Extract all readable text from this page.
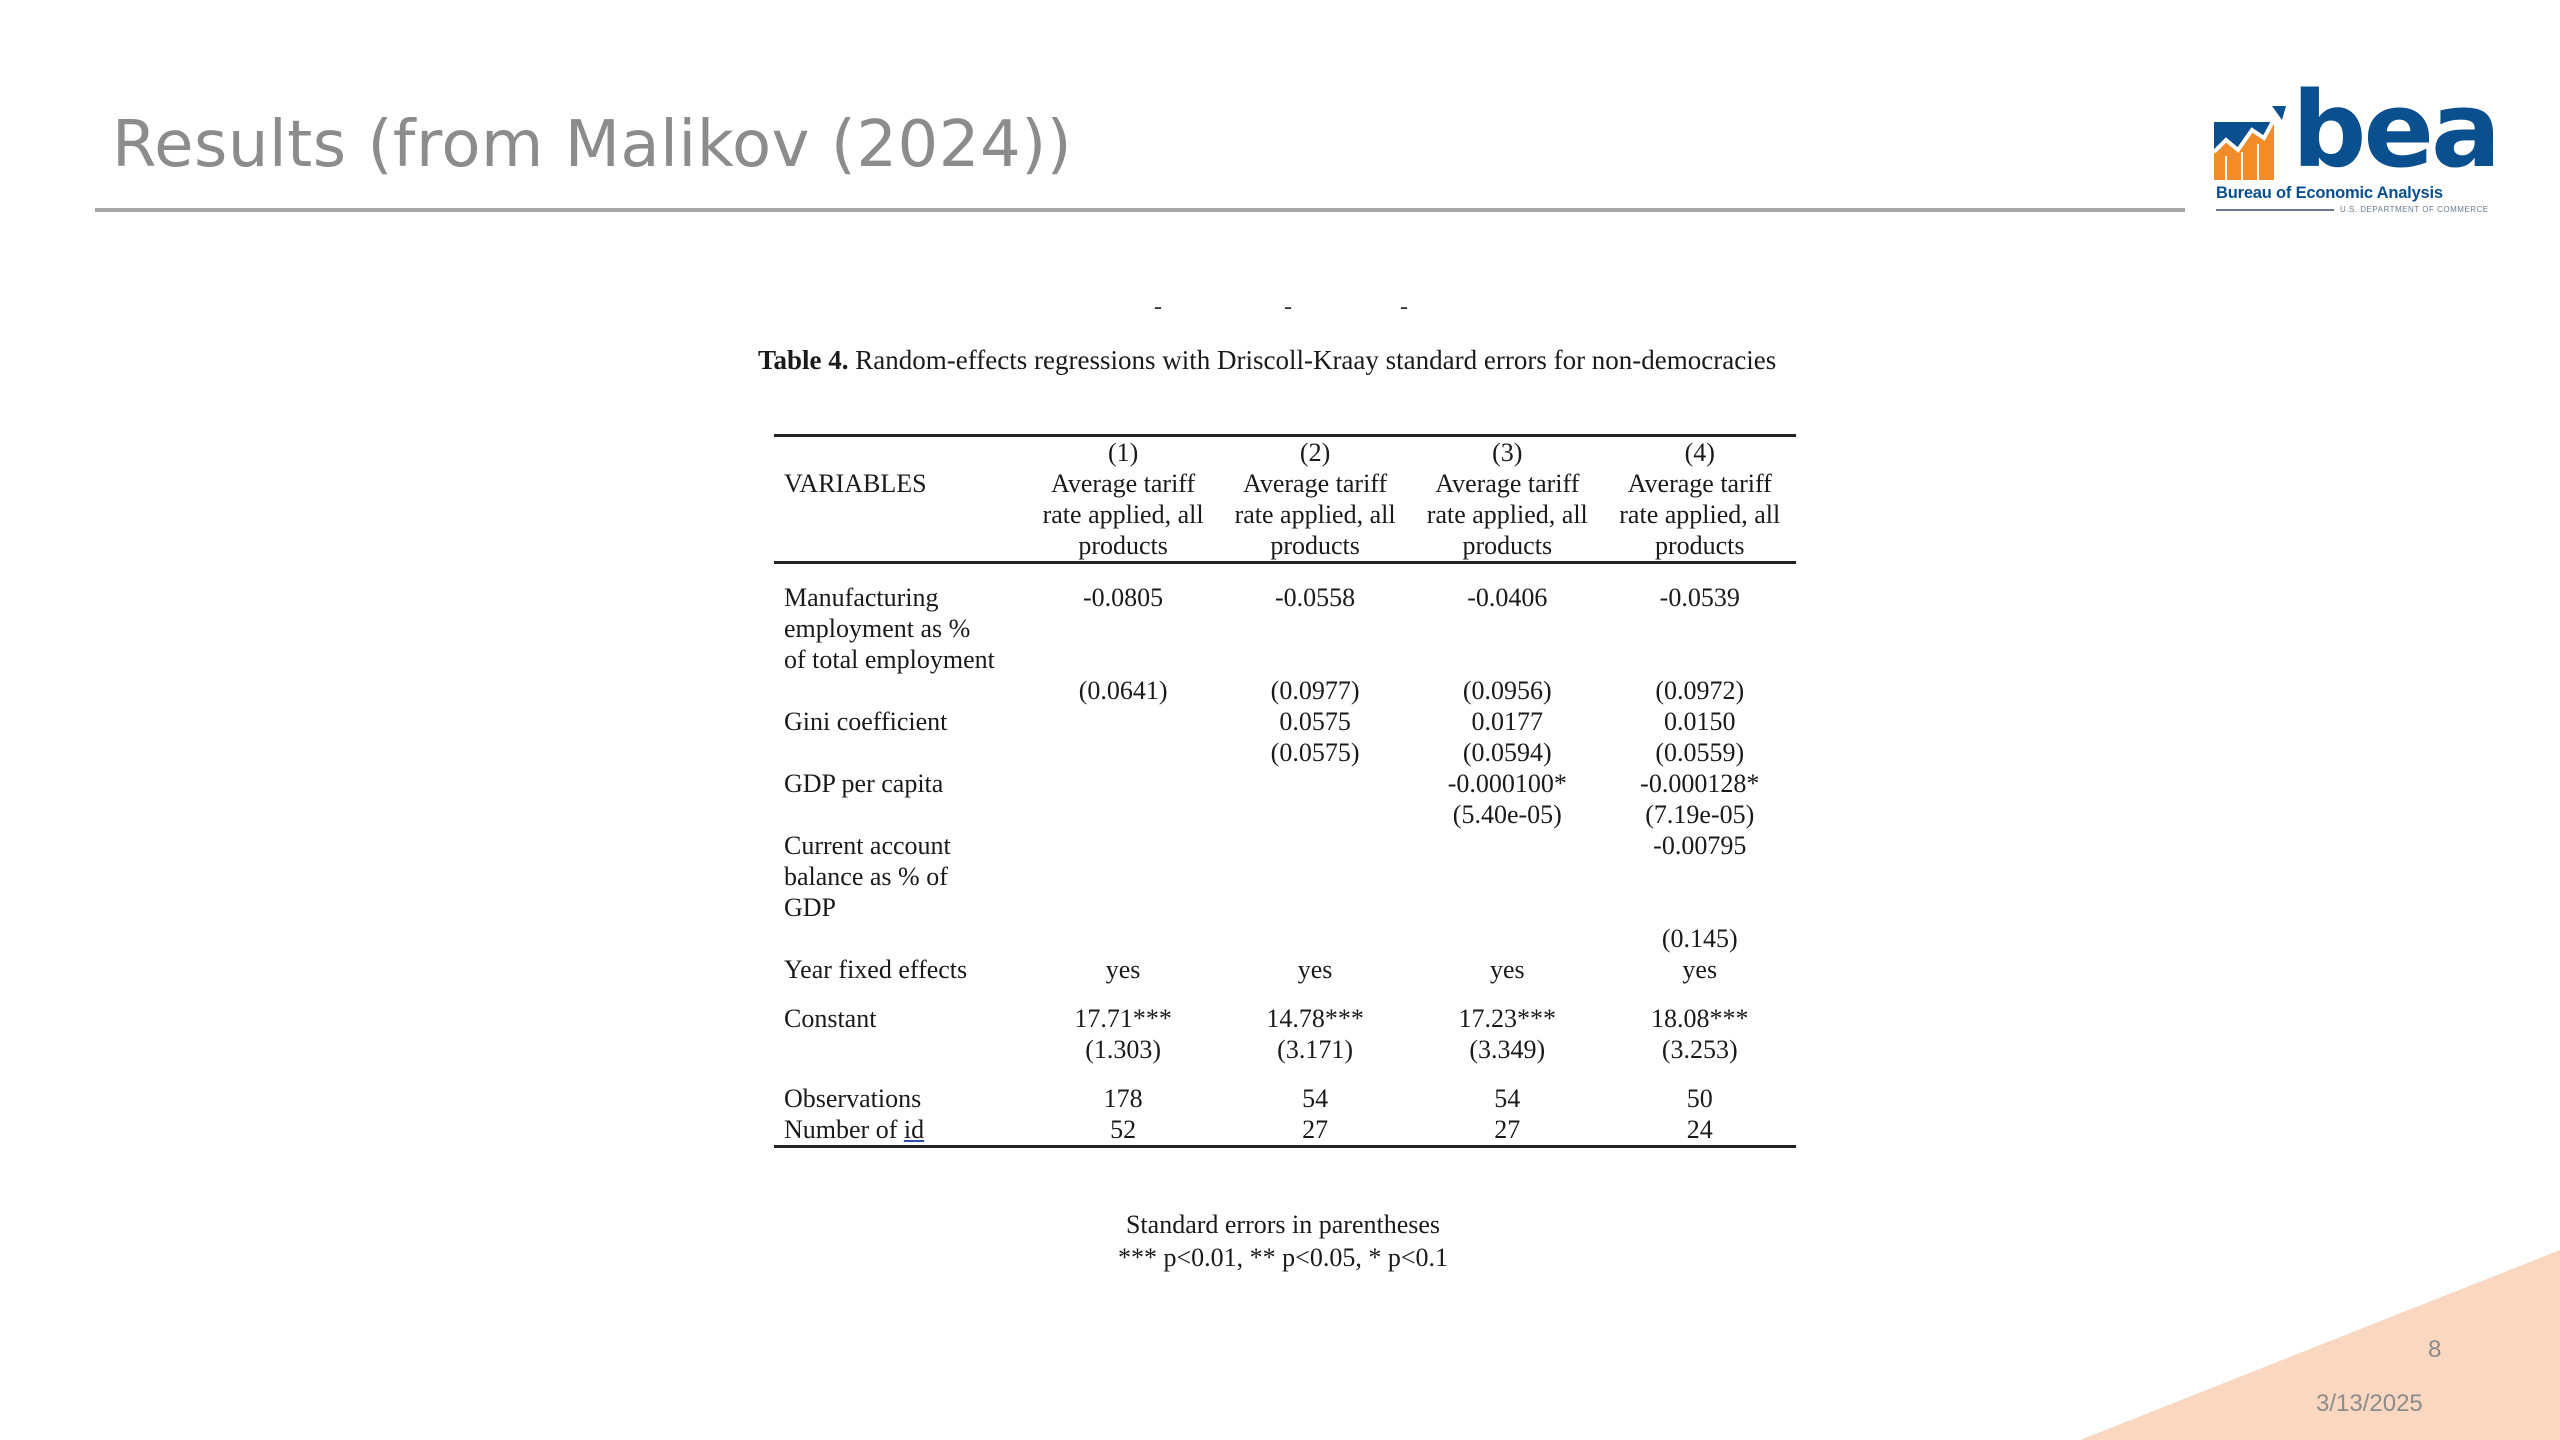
Results (from Malikov (2024))	bea
Bureau of Economic Analysis
U.S. DEPARTMENT OF COMMERCE
-	-	-
Table 4. Random-effects regressions with Driscoll-Kraay standard errors for non-democracies

	(1)	(2)	(3)	(4)
VARIABLES	Average tariff	Average tariff	Average tariff	Average tariff
	rate applied, all	rate applied, all	rate applied, all	rate applied, all
	products	products	products	products

Manufacturing	-0.0805	-0.0558	-0.0406	-0.0539
employment as %				
of total employment				
	(0.0641)	(0.0977)	(0.0956)	(0.0972)
Gini coefficient		0.0575	0.0177	0.0150
		(0.0575)	(0.0594)	(0.0559)
GDP per capita			-0.000100*	-0.000128*
			(5.40e-05)	(7.19e-05)
Current account				-0.00795
balance as % of				
GDP				
				(0.145)
Year fixed effects	yes	yes	yes	yes

Constant	17.71***	14.78***	17.23***	18.08***
	(1.303)	(3.171)	(3.349)	(3.253)

Observations	178	54	54	50
Number of id	52	27	27	24
Standard errors in parentheses
*** p<0.01, ** p<0.05, * p<0.1
8
3/13/2025
